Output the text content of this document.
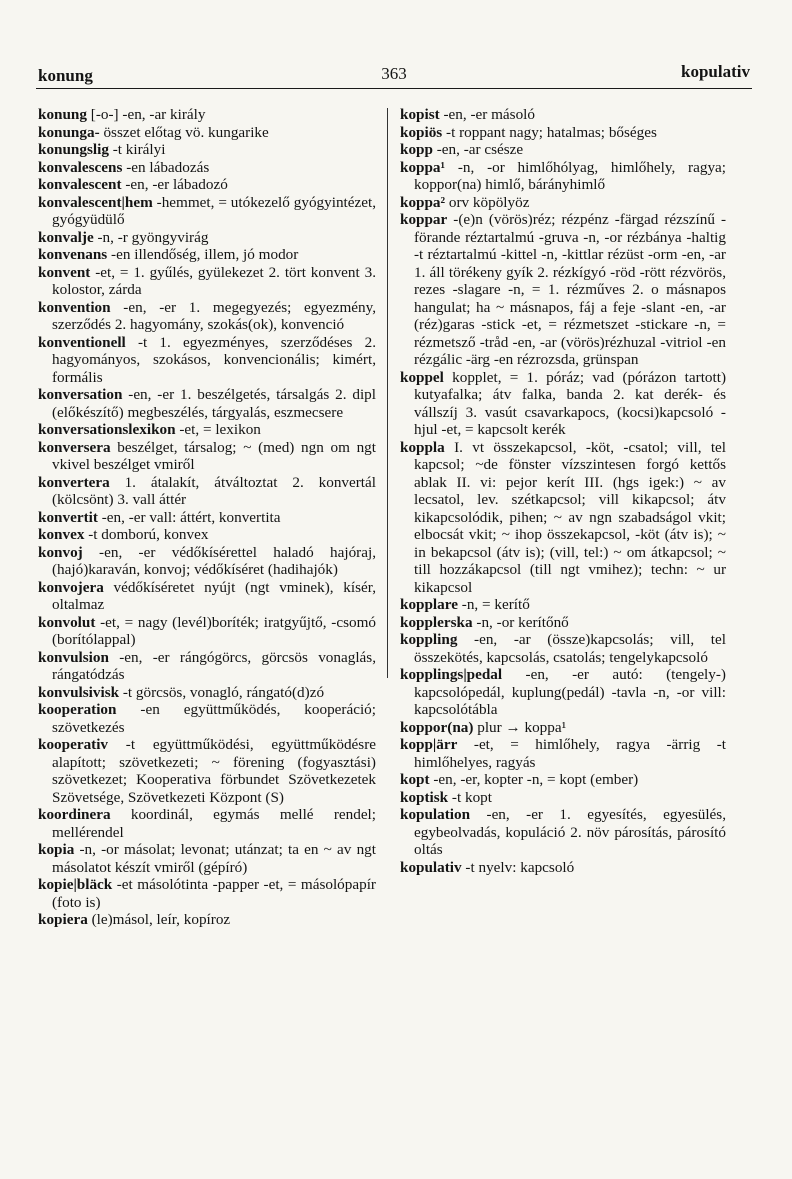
konung	363	kopulativ

konung [-o-] -en, -ar király

konunga- összet előtag vö. kungarike

konungslig -t királyi

konvalescens -en lábadozás

konvalescent -en, -er lábadozó

konvalescent|hem -hemmet, = utókezelő gyógyintézet, gyógyüdülő

konvalje -n, -r gyöngyvirág

konvenans -en illendőség, illem, jó modor

konvent -et, = 1. gyűlés, gyülekezet 2. tört konvent 3. kolostor, zárda

konvention -en, -er 1. megegyezés; egyezmény, szerződés 2. hagyomány, szokás(ok), konvenció

konventionell -t 1. egyezményes, szerződéses 2. hagyományos, szokásos, konvencionális; kimért, formális

konversation -en, -er 1. beszélgetés, társalgás 2. dipl (előkészítő) megbeszélés, tárgyalás, eszmecsere

konversationslexikon -et, = lexikon

konversera beszélget, társalog; ~ (med) ngn om ngt vkivel beszélget vmiről

konvertera 1. átalakít, átváltoztat 2. konvertál (kölcsönt) 3. vall áttér

konvertit -en, -er vall: áttért, konvertita

konvex -t domború, konvex

konvoj -en, -er védőkísérettel haladó hajóraj, (hajó)karaván, konvoj; védőkíséret (hadihajók)

konvojera védőkíséretet nyújt (ngt vminek), kísér, oltalmaz

konvolut -et, = nagy (levél)boríték; iratgyűjtő, -csomó (borítólappal)

konvulsion -en, -er rángógörcs, görcsös vonaglás, rángatódzás

konvulsivisk -t görcsös, vonagló, rángató(d)zó

kooperation -en együttműködés, kooperáció; szövetkezés

kooperativ -t együttműködési, együttműködésre alapított; szövetkezeti; ~ förening (fogyasztási) szövetkezet; Kooperativa förbundet Szövetkezetek Szövetsége, Szövetkezeti Központ (S)

koordinera koordinál, egymás mellé rendel; mellérendel

kopia -n, -or másolat; levonat; utánzat; ta en ~ av ngt másolatot készít vmiről (gépíró)

kopie|bläck -et másolótinta -papper -et, = másolópapír (foto is)

kopiera (le)másol, leír, kopíroz

kopist -en, -er másoló

kopiös -t roppant nagy; hatalmas; bőséges

kopp -en, -ar csésze

koppa¹ -n, -or himlőhólyag, himlőhely, ragya; koppor(na) himlő, bárányhimlő

koppa² orv köpölyöz

koppar -(e)n (vörös)réz; rézpénz -färgad rézszínű -förande réztartalmú -gruva -n, -or rézbánya -haltig -t réztartalmú -kittel -n, -kittlar rézüst -orm -en, -ar 1. áll törékeny gyík 2. rézkígyó -röd -rött rézvörös, rezes -slagare -n, = 1. rézműves 2. o másnapos hangulat; ha ~ másnapos, fáj a feje -slant -en, -ar (réz)garas -stick -et, = rézmetszet -stickare -n, = rézmetsző -tråd -en, -ar (vörös)rézhuzal -vitriol -en rézgálic -ärg -en rézrozsda, grünspan

koppel kopplet, = 1. póráz; vad (pórázon tartott) kutyafalka; átv falka, banda 2. kat derék- és vállszíj 3. vasút csavarkapocs, (kocsi)kapcsoló -hjul -et, = kapcsolt kerék

koppla I. vt összekapcsol, -köt, -csatol; vill, tel kapcsol; ~de fönster vízszintesen forgó kettős ablak II. vi: pejor kerít III. (hgs igek:) ~ av lecsatol, lev. szétkapcsol; vill kikapcsol; átv kikapcsolódik, pihen; ~ av ngn szabadságol vkit; elbocsát vkit; ~ ihop összekapcsol, -köt (átv is); ~ in bekapcsol (átv is); (vill, tel:) ~ om átkapcsol; ~ till hozzákapcsol (till ngt vmihez); techn: ~ ur kikapcsol

kopplare -n, = kerítő

kopplerska -n, -or kerítőnő

koppling -en, -ar (össze)kapcsolás; vill, tel összekötés, kapcsolás, csatolás; tengelykapcsoló

kopplings|pedal -en, -er autó: (tengely-) kapcsolópedál, kuplung(pedál) -tavla -n, -or vill: kapcsolótábla

koppor(na) plur → koppa¹

kopp|ärr -et, = himlőhely, ragya -ärrig -t himlőhelyes, ragyás

kopt -en, -er, kopter -n, = kopt (ember)

koptisk -t kopt

kopulation -en, -er 1. egyesítés, egyesülés, egybeolvadás, kopuláció 2. növ párosítás, párosító oltás

kopulativ -t nyelv: kapcsoló
